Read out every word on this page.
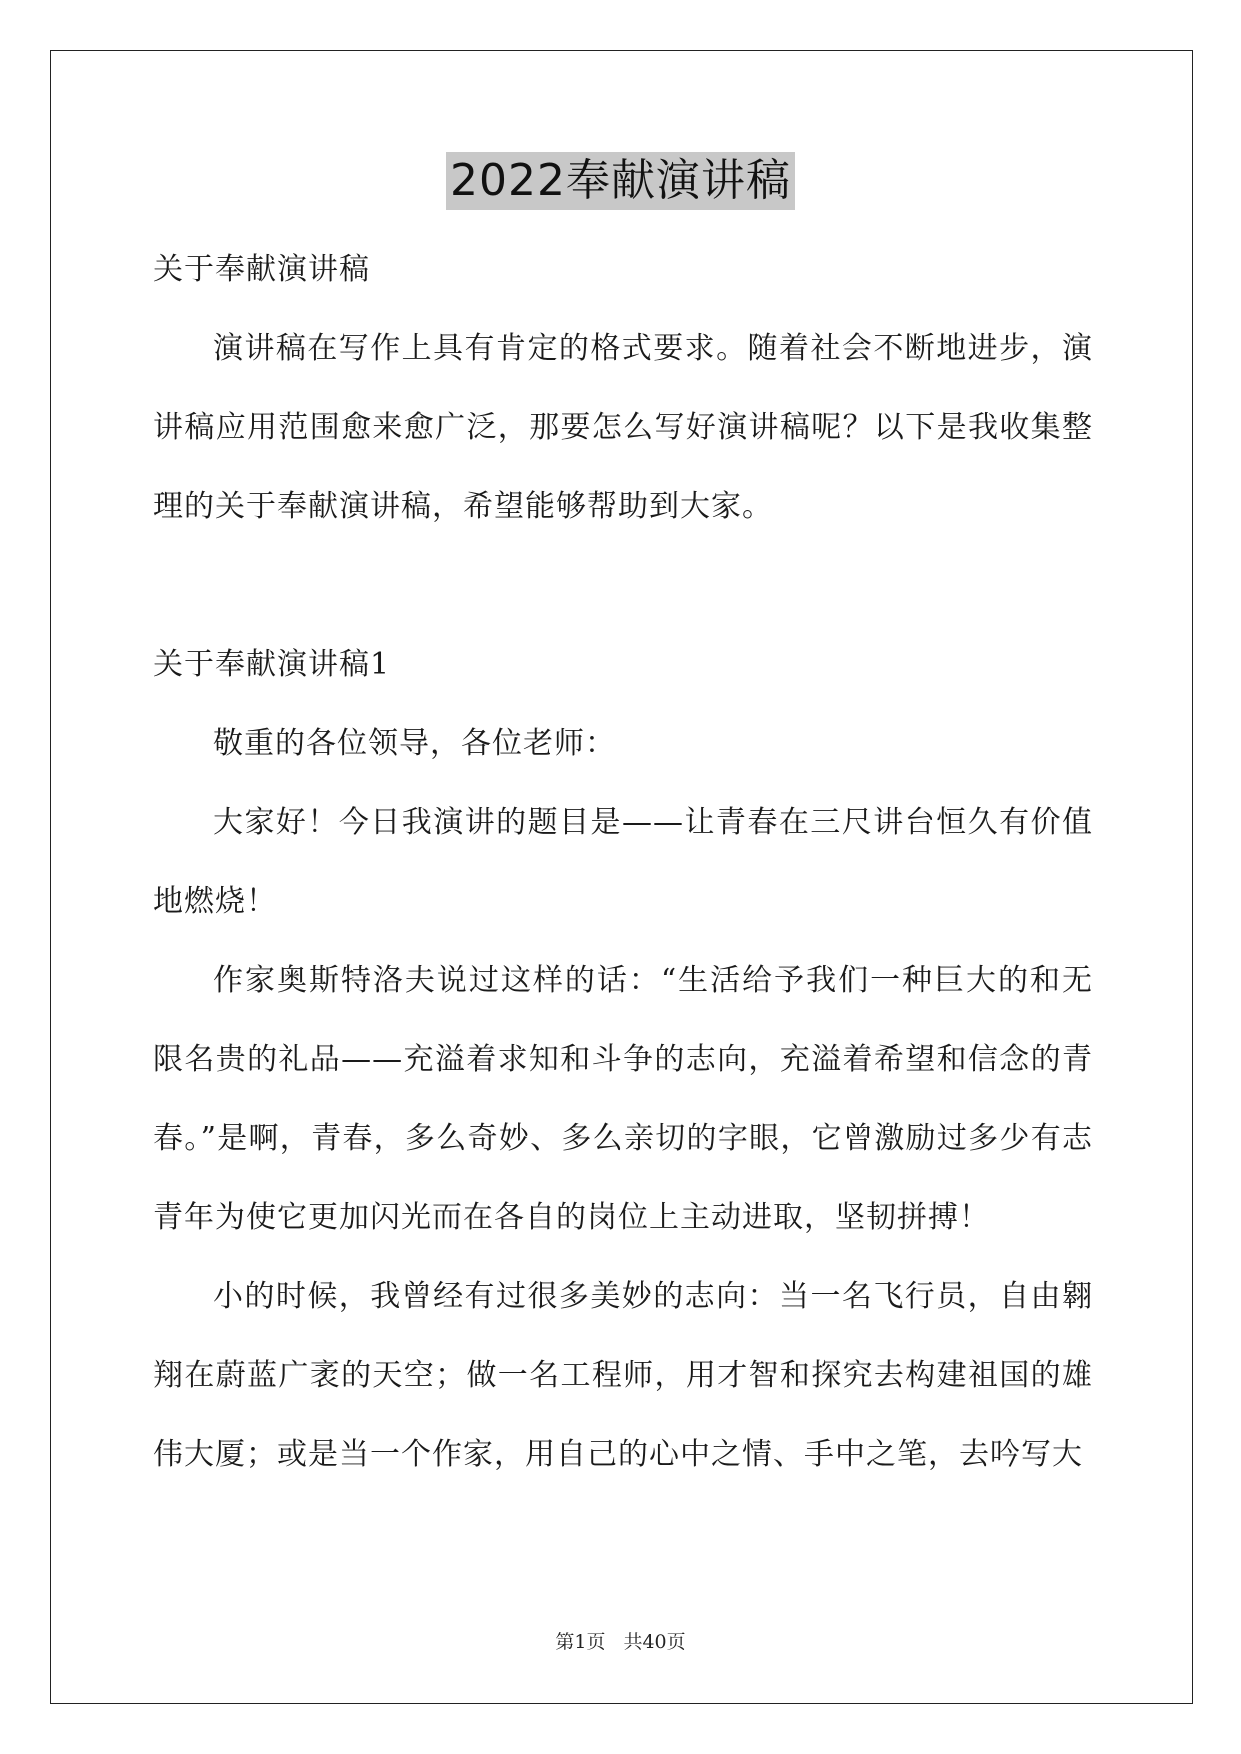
2022奉献演讲稿

关于奉献演讲稿

演讲稿在写作上具有肯定的格式要求。随着社会不断地进步，演讲稿应用范围愈来愈广泛，那要怎么写好演讲稿呢？以下是我收集整理的关于奉献演讲稿，希望能够帮助到大家。

关于奉献演讲稿1

敬重的各位领导，各位老师：

大家好！今日我演讲的题目是——让青春在三尺讲台恒久有价值地燃烧！

作家奥斯特洛夫说过这样的话：“生活给予我们一种巨大的和无限名贵的礼品——充溢着求知和斗争的志向，充溢着希望和信念的青春。”是啊，青春，多么奇妙、多么亲切的字眼，它曾激励过多少有志青年为使它更加闪光而在各自的岗位上主动进取，坚韧拼搏！

小的时候，我曾经有过很多美妙的志向：当一名飞行员，自由翱翔在蔚蓝广袤的天空；做一名工程师，用才智和探究去构建祖国的雄伟大厦；或是当一个作家，用自己的心中之情、手中之笔，去吟写大

第1页 共40页
